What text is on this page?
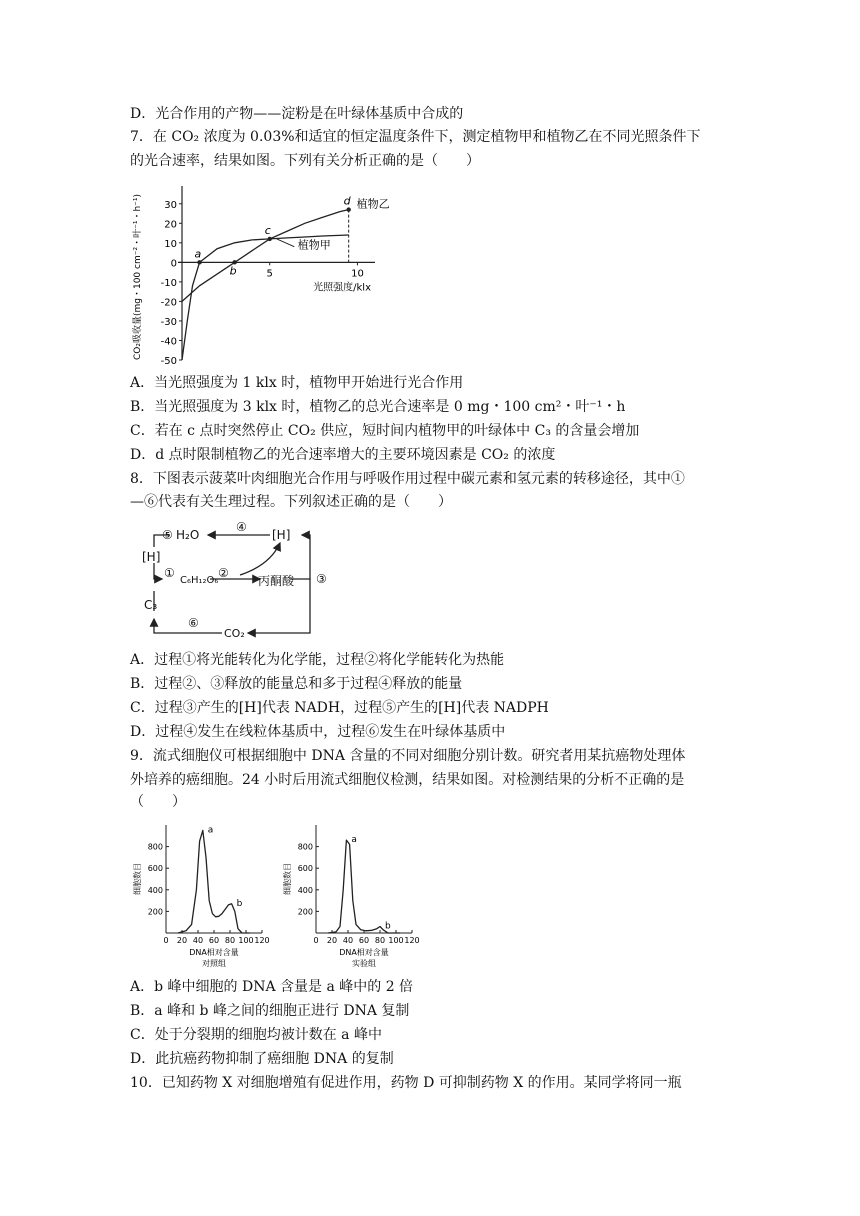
D．光合作用的产物——淀粉是在叶绿体基质中合成的
7．在 CO₂ 浓度为 0.03%和适宜的恒定温度条件下，测定植物甲和植物乙在不同光照条件下
的光合速率，结果如图。下列有关分析正确的是（　　）
30
20
10
0
-10
-20
-30
-40
-50
5	10
光照强度/klx
CO₂吸收量(mg・100 cm⁻²・叶⁻¹・h⁻¹)	a
b
c
d 植物乙
植物甲
A．当光照强度为 1 klx 时，植物甲开始进行光合作用
B．当光照强度为 3 klx 时，植物乙的总光合速率是 0 mg・100 cm²・叶⁻¹・h
C．若在 c 点时突然停止 CO₂ 供应，短时间内植物甲的叶绿体中 C₃ 的含量会增加
D．d 点时限制植物乙的光合速率增大的主要环境因素是 CO₂ 的浓度
8．下图表示菠菜叶肉细胞光合作用与呼吸作用过程中碳元素和氢元素的转移途径，其中①
—⑥代表有关生理过程。下列叙述正确的是（　　）
⑤ H₂O
④
[H]
[H]
①
C₆H₁₂O₆
②
丙酮酸 ③
C₃
⑥
CO₂
A．过程①将光能转化为化学能，过程②将化学能转化为热能
B．过程②、③释放的能量总和多于过程④释放的能量
C．过程③产生的[H]代表 NADH，过程⑤产生的[H]代表 NADPH
D．过程④发生在线粒体基质中，过程⑥发生在叶绿体基质中
9．流式细胞仪可根据细胞中 DNA 含量的不同对细胞分别计数。研究者用某抗癌物处理体
外培养的癌细胞。24 小时后用流式细胞仪检测，结果如图。对检测结果的分析不正确的是
（　　）
200
400
600
800
0 20 40 60 80 100 120
DNA相对含量
对照组
细胞数目
a
b
200
400
600
800
0 20 40 60 80 100 120
DNA相对含量
实验组
细胞数目
a
b
A．b 峰中细胞的 DNA 含量是 a 峰中的 2 倍
B．a 峰和 b 峰之间的细胞正进行 DNA 复制
C．处于分裂期的细胞均被计数在 a 峰中
D．此抗癌药物抑制了癌细胞 DNA 的复制
10．已知药物 X 对细胞增殖有促进作用，药物 D 可抑制药物 X 的作用。某同学将同一瓶
